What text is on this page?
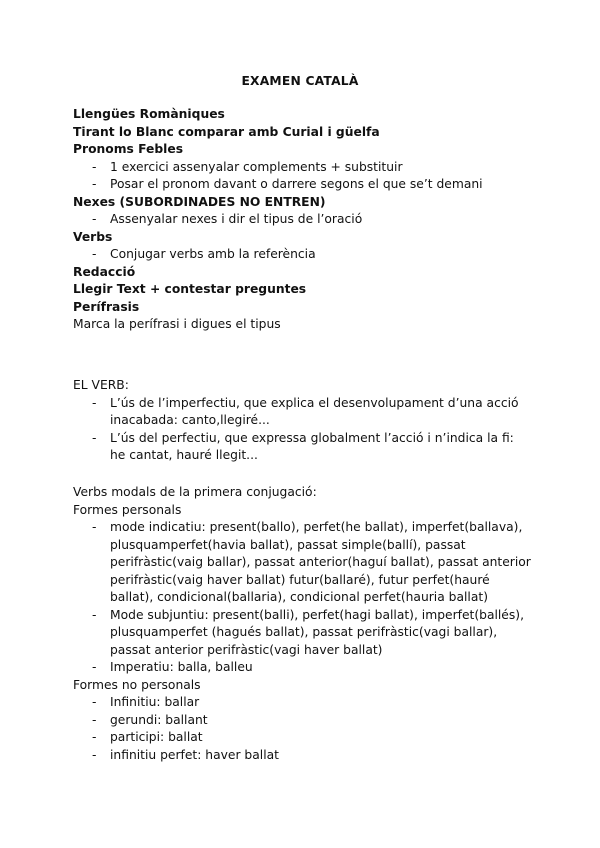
EXAMEN CATALÀ
Llengües Romàniques
Tirant lo Blanc comparar amb Curial i güelfa
Pronoms Febles
- 1 exercici assenyalar complements + substituir
- Posar el pronom davant o darrere segons el que se’t demani
Nexes (SUBORDINADES NO ENTREN)
- Assenyalar nexes i dir el tipus de l’oració
Verbs
- Conjugar verbs amb la referència
Redacció
Llegir Text + contestar preguntes
Perífrasis
Marca la perífrasi i digues el tipus
EL VERB:
- L’ús de l’imperfectiu, que explica el desenvolupament d’una acció inacabada: canto,llegiré...
- L’ús del perfectiu, que expressa globalment l’acció i n’indica la fi: he cantat, hauré llegit...
Verbs modals de la primera conjugació:
Formes personals
- mode indicatiu: present(ballo), perfet(he ballat), imperfet(ballava), plusquamperfet(havia ballat), passat simple(ballí), passat perifràstic(vaig ballar), passat anterior(haguí ballat), passat anterior perifràstic(vaig haver ballat) futur(ballaré), futur perfet(hauré ballat), condicional(ballaria), condicional perfet(hauria ballat)
- Mode subjuntiu: present(balli), perfet(hagi ballat), imperfet(ballés), plusquamperfet (hagués ballat), passat perifràstic(vagi ballar), passat anterior perifràstic(vagi haver ballat)
- Imperatiu: balla, balleu
Formes no personals
- Infinitiu: ballar
- gerundi: ballant
- participi: ballat
- infinitiu perfet: haver ballat
